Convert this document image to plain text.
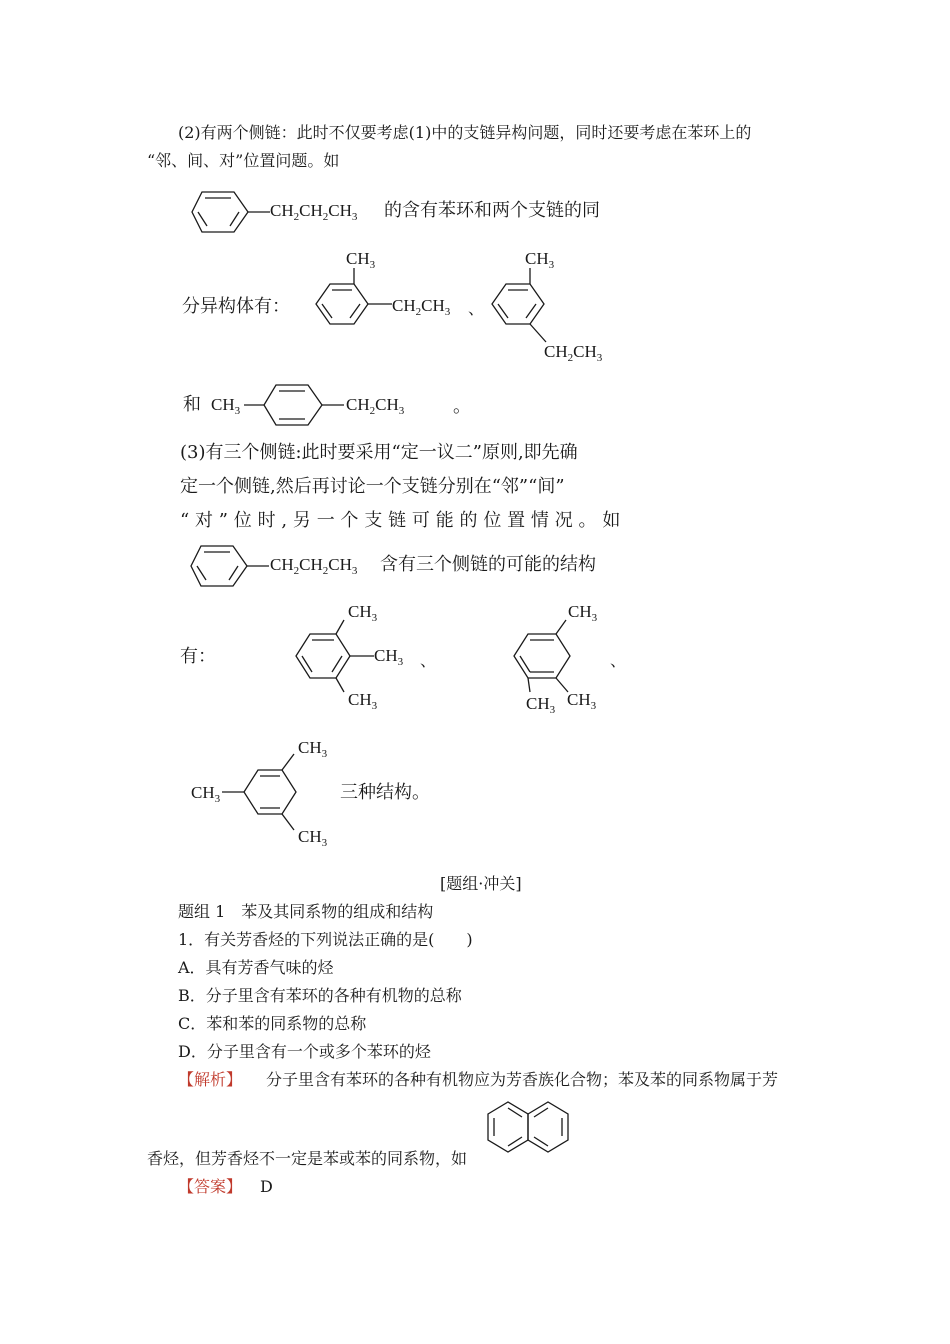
(2)有两个侧链：此时不仅要考虑(1)中的支链异构问题，同时还要考虑在苯环上的
“邻、间、对”位置问题。如
$CH_2CH_2CH_3$ 的含有苯环和两个支链的同
分异构体有：
$CH_3$
$CH_2CH_3$ 、
$CH_3$
$CH_2CH_3$
和 $CH_3$	$CH_2CH_3$	。
(3)有三个侧链:此时要采用“定一议二”原则,即先确
定一个侧链,然后再讨论一个支链分别在“邻”“间”
“对”位时,另一个支链可能的位置情况。如
$CH_2CH_2CH_3$ 含有三个侧链的可能的结构
有：
$CH_3$
$CH_3$
$CH_3$
、
$CH_3$
$CH_3$
$CH_3$
、
$CH_3$
$CH_3$
$CH_3$
三种结构。
[题组·冲关]
题组 1　苯及其同系物的组成和结构
1．有关芳香烃的下列说法正确的是(　　)
A．具有芳香气味的烃
B．分子里含有苯环的各种有机物的总称
C．苯和苯的同系物的总称
D．分子里含有一个或多个苯环的烃
【解析】 分子里含有苯环的各种有机物应为芳香族化合物；苯及苯的同系物属于芳
香烃，但芳香烃不一定是苯或苯的同系物，如
【答案】 D
